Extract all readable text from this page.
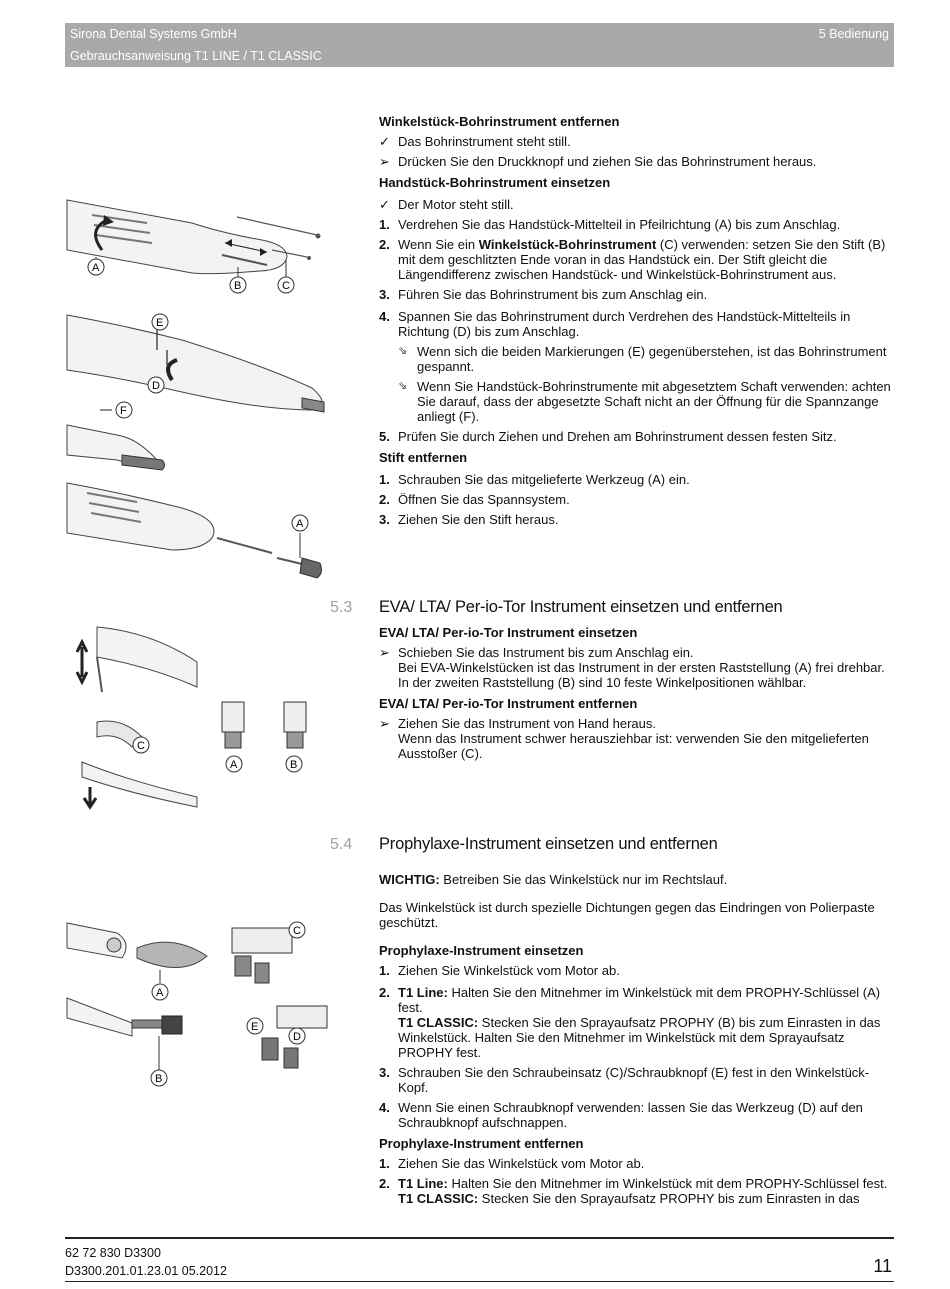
Sirona Dental Systems GmbH
Gebrauchsanweisung T1 LINE / T1 CLASSIC
5 Bedienung

Winkelstück-Bohrinstrument entfernen

✓ Das Bohrinstrument steht still.

➢ Drücken Sie den Druckknopf und ziehen Sie das Bohrinstrument heraus.

Handstück-Bohrinstrument einsetzen

✓ Der Motor steht still.

1. Verdrehen Sie das Handstück-Mittelteil in Pfeilrichtung (A) bis zum Anschlag.

2. Wenn Sie ein Winkelstück-Bohrinstrument (C) verwenden: setzen Sie den Stift (B) mit dem geschlitzten Ende voran in das Handstück ein. Der Stift gleicht die Längendifferenz zwischen Handstück- und Winkelstück-Bohrinstrument aus.

3. Führen Sie das Bohrinstrument bis zum Anschlag ein.

4. Spannen Sie das Bohrinstrument durch Verdrehen des Handstück-Mittelteils in Richtung (D) bis zum Anschlag.

⇘ Wenn sich die beiden Markierungen (E) gegenüberstehen, ist das Bohrinstrument gespannt.

⇘ Wenn Sie Handstück-Bohrinstrumente mit abgesetztem Schaft verwenden: achten Sie darauf, dass der abgesetzte Schaft nicht an der Öffnung für die Spannzange anliegt (F).

5. Prüfen Sie durch Ziehen und Drehen am Bohrinstrument dessen festen Sitz.

Stift entfernen

1. Schrauben Sie das mitgelieferte Werkzeug (A) ein.

2. Öffnen Sie das Spannsystem.

3. Ziehen Sie den Stift heraus.

5.3 EVA/ LTA/ Per-io-Tor Instrument einsetzen und entfernen

EVA/ LTA/ Per-io-Tor Instrument einsetzen

➢ Schieben Sie das Instrument bis zum Anschlag ein.
Bei EVA-Winkelstücken ist das Instrument in der ersten Raststellung (A) frei drehbar. In der zweiten Raststellung (B) sind 10 feste Winkelpositionen wählbar.

EVA/ LTA/ Per-io-Tor Instrument entfernen

➢ Ziehen Sie das Instrument von Hand heraus.
Wenn das Instrument schwer herausziehbar ist: verwenden Sie den mitgelieferten Ausstoßer (C).

5.4 Prophylaxe-Instrument einsetzen und entfernen

WICHTIG: Betreiben Sie das Winkelstück nur im Rechtslauf.

Das Winkelstück ist durch spezielle Dichtungen gegen das Eindringen von Polierpaste geschützt.

Prophylaxe-Instrument einsetzen

1. Ziehen Sie Winkelstück vom Motor ab.

2. T1 Line: Halten Sie den Mitnehmer im Winkelstück mit dem PROPHY-Schlüssel (A) fest.
T1 CLASSIC: Stecken Sie den Sprayaufsatz PROPHY (B) bis zum Einrasten in das Winkelstück. Halten Sie den Mitnehmer im Winkelstück mit dem Sprayaufsatz PROPHY fest.

3. Schrauben Sie den Schraubeinsatz (C)/Schraubknopf (E) fest in den Winkelstück-Kopf.

4. Wenn Sie einen Schraubknopf verwenden: lassen Sie das Werkzeug (D) auf den Schraubknopf aufschnappen.

Prophylaxe-Instrument entfernen

1. Ziehen Sie das Winkelstück vom Motor ab.

2. T1 Line: Halten Sie den Mitnehmer im Winkelstück mit dem PROPHY-Schlüssel fest.
T1 CLASSIC: Stecken Sie den Sprayaufsatz PROPHY bis zum Einrasten in das

A
B	C
E
D
F
A
C
A	B
A
B
C
E
D
62 72 830 D3300
D3300.201.01.23.01 05.2012	11
